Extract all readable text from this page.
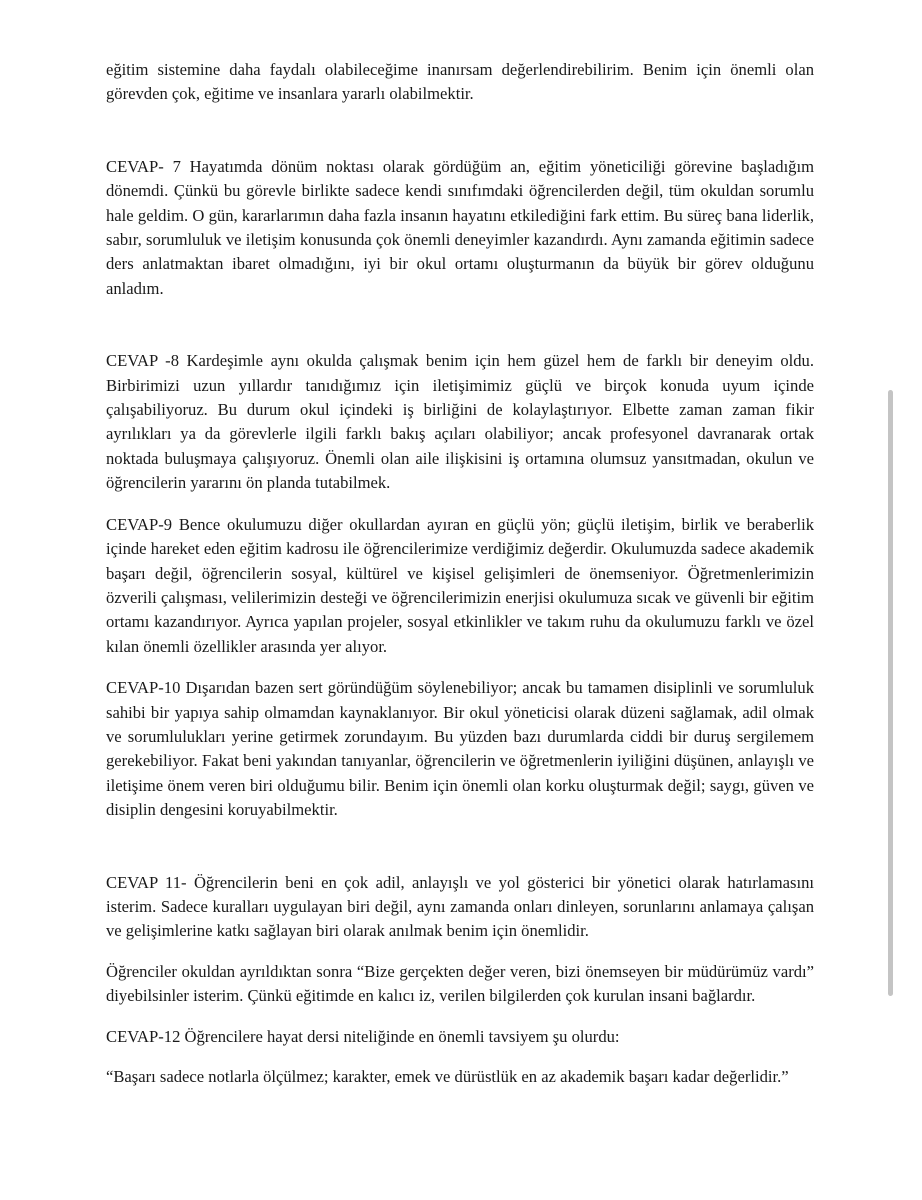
eğitim sistemine daha faydalı olabileceğime inanırsam değerlendirebilirim. Benim için önemli olan görevden çok, eğitime ve insanlara yararlı olabilmektir.

CEVAP- 7 Hayatımda dönüm noktası olarak gördüğüm an, eğitim yöneticiliği görevine başladığım dönemdi. Çünkü bu görevle birlikte sadece kendi sınıfımdaki öğrencilerden değil, tüm okuldan sorumlu hale geldim. O gün, kararlarımın daha fazla insanın hayatını etkilediğini fark ettim. Bu süreç bana liderlik, sabır, sorumluluk ve iletişim konusunda çok önemli deneyimler kazandırdı. Aynı zamanda eğitimin sadece ders anlatmaktan ibaret olmadığını, iyi bir okul ortamı oluşturmanın da büyük bir görev olduğunu anladım.

CEVAP -8 Kardeşimle aynı okulda çalışmak benim için hem güzel hem de farklı bir deneyim oldu. Birbirimizi uzun yıllardır tanıdığımız için iletişimimiz güçlü ve birçok konuda uyum içinde çalışabiliyoruz. Bu durum okul içindeki iş birliğini de kolaylaştırıyor. Elbette zaman zaman fikir ayrılıkları ya da görevlerle ilgili farklı bakış açıları olabiliyor; ancak profesyonel davranarak ortak noktada buluşmaya çalışıyoruz. Önemli olan aile ilişkisini iş ortamına olumsuz yansıtmadan, okulun ve öğrencilerin yararını ön planda tutabilmek.

CEVAP-9 Bence okulumuzu diğer okullardan ayıran en güçlü yön; güçlü iletişim, birlik ve beraberlik içinde hareket eden eğitim kadrosu ile öğrencilerimize verdiğimiz değerdir. Okulumuzda sadece akademik başarı değil, öğrencilerin sosyal, kültürel ve kişisel gelişimleri de önemseniyor. Öğretmenlerimizin özverili çalışması, velilerimizin desteği ve öğrencilerimizin enerjisi okulumuza sıcak ve güvenli bir eğitim ortamı kazandırıyor. Ayrıca yapılan projeler, sosyal etkinlikler ve takım ruhu da okulumuzu farklı ve özel kılan önemli özellikler arasında yer alıyor.

CEVAP-10 Dışarıdan bazen sert göründüğüm söylenebiliyor; ancak bu tamamen disiplinli ve sorumluluk sahibi bir yapıya sahip olmamdan kaynaklanıyor. Bir okul yöneticisi olarak düzeni sağlamak, adil olmak ve sorumlulukları yerine getirmek zorundayım. Bu yüzden bazı durumlarda ciddi bir duruş sergilemem gerekebiliyor. Fakat beni yakından tanıyanlar, öğrencilerin ve öğretmenlerin iyiliğini düşünen, anlayışlı ve iletişime önem veren biri olduğumu bilir. Benim için önemli olan korku oluşturmak değil; saygı, güven ve disiplin dengesini koruyabilmektir.

CEVAP 11- Öğrencilerin beni en çok adil, anlayışlı ve yol gösterici bir yönetici olarak hatırlamasını isterim. Sadece kuralları uygulayan biri değil, aynı zamanda onları dinleyen, sorunlarını anlamaya çalışan ve gelişimlerine katkı sağlayan biri olarak anılmak benim için önemlidir.

Öğrenciler okuldan ayrıldıktan sonra “Bize gerçekten değer veren, bizi önemseyen bir müdürümüz vardı” diyebilsinler isterim. Çünkü eğitimde en kalıcı iz, verilen bilgilerden çok kurulan insani bağlardır.

CEVAP-12 Öğrencilere hayat dersi niteliğinde en önemli tavsiyem şu olurdu:

“Başarı sadece notlarla ölçülmez; karakter, emek ve dürüstlük en az akademik başarı kadar değerlidir.”
